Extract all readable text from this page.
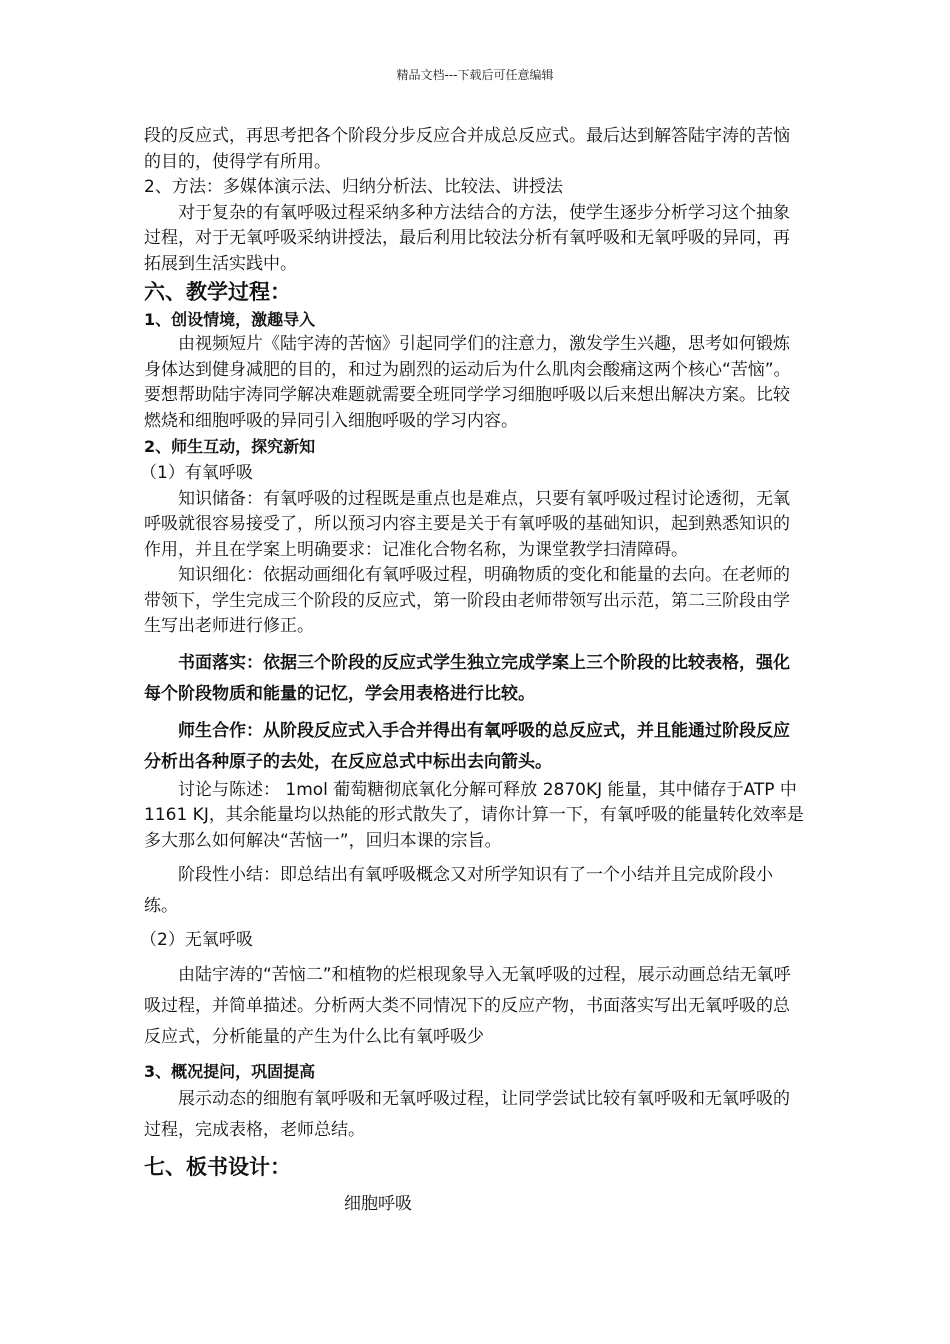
精品文档---下载后可任意编辑

段的反应式，再思考把各个阶段分步反应合并成总反应式。最后达到解答陆宇涛的苦恼的目的，使得学有所用。

2、方法：多媒体演示法、归纳分析法、比较法、讲授法

对于复杂的有氧呼吸过程采纳多种方法结合的方法，使学生逐步分析学习这个抽象过程，对于无氧呼吸采纳讲授法，最后利用比较法分析有氧呼吸和无氧呼吸的异同，再拓展到生活实践中。

六、教学过程：

1、创设情境，激趣导入

由视频短片《陆宇涛的苦恼》引起同学们的注意力，激发学生兴趣，思考如何锻炼身体达到健身减肥的目的，和过为剧烈的运动后为什么肌肉会酸痛这两个核心“苦恼”。要想帮助陆宇涛同学解决难题就需要全班同学学习细胞呼吸以后来想出解决方案。比较燃烧和细胞呼吸的异同引入细胞呼吸的学习内容。

2、师生互动，探究新知

（1）有氧呼吸

知识储备：有氧呼吸的过程既是重点也是难点，只要有氧呼吸过程讨论透彻，无氧呼吸就很容易接受了，所以预习内容主要是关于有氧呼吸的基础知识，起到熟悉知识的作用，并且在学案上明确要求：记准化合物名称，为课堂教学扫清障碍。

知识细化：依据动画细化有氧呼吸过程，明确物质的变化和能量的去向。在老师的带领下，学生完成三个阶段的反应式，第一阶段由老师带领写出示范，第二三阶段由学生写出老师进行修正。

书面落实：依据三个阶段的反应式学生独立完成学案上三个阶段的比较表格，强化每个阶段物质和能量的记忆，学会用表格进行比较。

师生合作：从阶段反应式入手合并得出有氧呼吸的总反应式，并且能通过阶段反应分析出各种原子的去处，在反应总式中标出去向箭头。

讨论与陈述： 1mol 葡萄糖彻底氧化分解可释放 2870KJ 能量，其中储存于ATP 中 1161 KJ，其余能量均以热能的形式散失了，请你计算一下，有氧呼吸的能量转化效率是多大那么如何解决“苦恼一”，回归本课的宗旨。

阶段性小结：即总结出有氧呼吸概念又对所学知识有了一个小结并且完成阶段小练。

（2）无氧呼吸

由陆宇涛的“苦恼二”和植物的烂根现象导入无氧呼吸的过程，展示动画总结无氧呼吸过程，并简单描述。分析两大类不同情况下的反应产物，书面落实写出无氧呼吸的总反应式，分析能量的产生为什么比有氧呼吸少

3、概况提问，巩固提高

展示动态的细胞有氧呼吸和无氧呼吸过程，让同学尝试比较有氧呼吸和无氧呼吸的过程，完成表格，老师总结。

七、板书设计：

细胞呼吸
